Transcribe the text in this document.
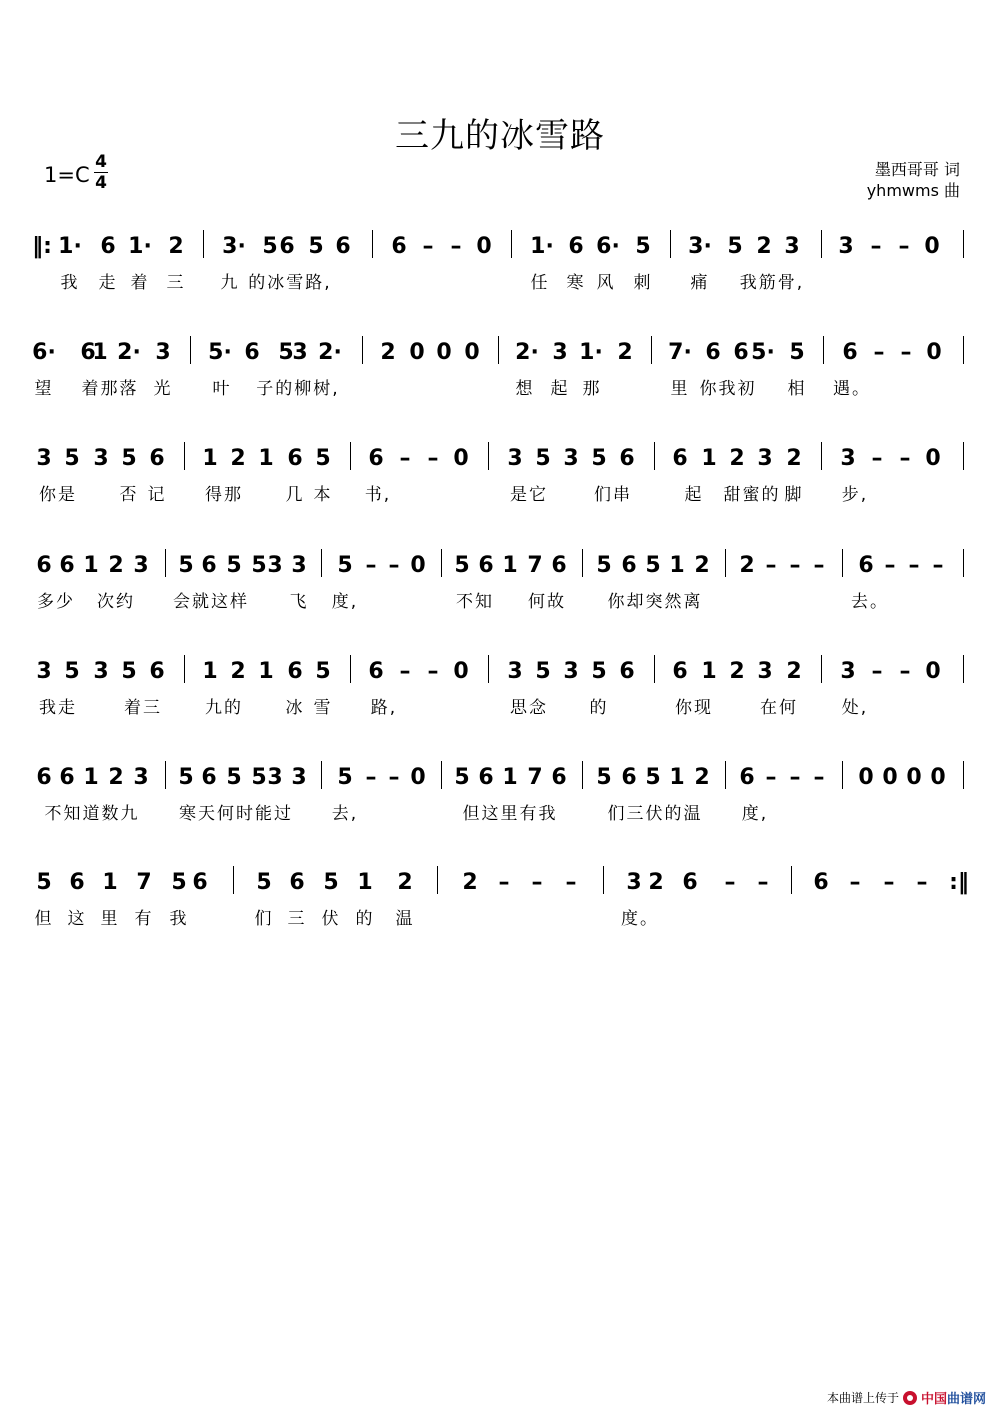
三九的冰雪路
1=C
4
4
墨西哥哥 词
yhmwms 曲
‖: 1· 6 1· 2 3· 5 6 5 6 6 – – 0 1· 6 6· 5 3· 5 2 3 3 – – 0
我 走 着 三 九 的冰雪路,	任 寒 风 刺 痛 我筋骨,
6· 6
1 2· 3 5· 6 5
3 2· 2 0 0 0 2· 3 1· 2 7· 6 6 5· 5 6 – – 0
望 着那落 光 叶 子的柳树,	想 起 那	里 你我初 相 遇。
3 5 3 5 6 1 2 1 6 5 6 – – 0 3 5 3 5 6 6 1 2 3 2 3 – – 0
你是	否 记 得那	几 本 书,	是它	们串	起 甜蜜的 脚 步,
6 6 1 2 3 5 6 5 5 3 3 5 – – 0 5 6 1 7 6 5 6 5 1 2 2 – – – 6 – – –
多少 次约 会就这样 飞 度,	不知 何故 你却突然离	去。
3 5 3 5 6 1 2 1 6 5 6 – – 0 3 5 3 5 6 6 1 2 3 2 3 – – 0
我走	着三	九的	冰 雪 路,	思念 的	你现	在何	处,
6 6 1 2 3 5 6 5 5 3 3 5 – – 0 5 6 1 7 6 5 6 5 1 2 6 – – – 0 0 0 0
不知道数九 寒天何时能过 去,	但这里有我	们三伏的温 度,
5 6 1 7 5 6 5 6 5 1 2 2 – – – 3 2 6 – – 6 – – – :‖
但 这 里 有 我	们 三 伏 的 温	度。
本曲谱上传于 中国曲谱网
